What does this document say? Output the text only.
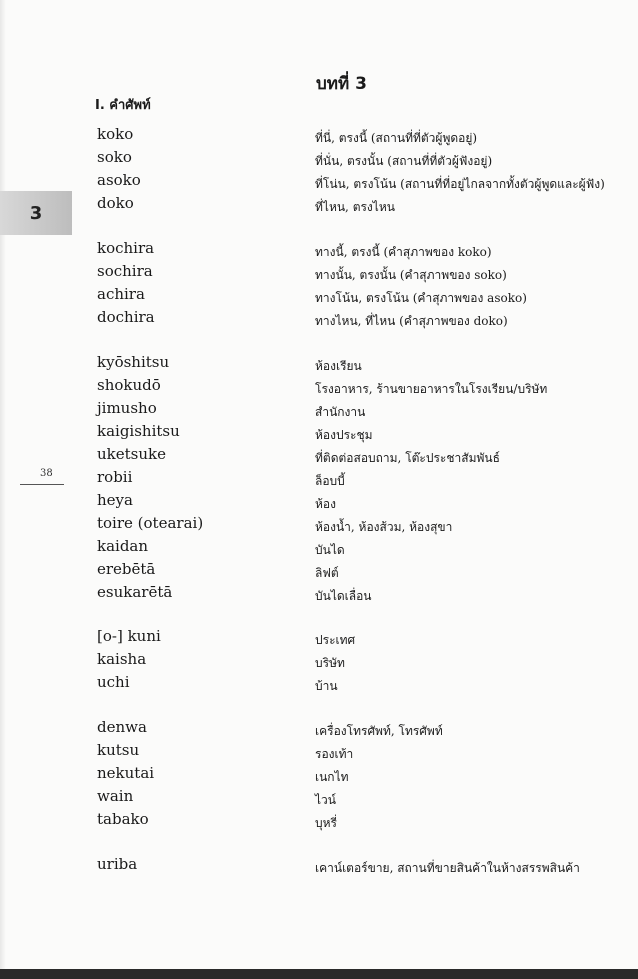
บทที่ 3
I. คำศัพท์
3
38
koko	ที่นี่, ตรงนี้ (สถานที่ที่ตัวผู้พูดอยู่)
soko	ที่นั่น, ตรงนั้น (สถานที่ที่ตัวผู้ฟังอยู่)
asoko	ที่โน่น, ตรงโน้น (สถานที่ที่อยู่ไกลจากทั้งตัวผู้พูดและผู้ฟัง)
doko	ที่ไหน, ตรงไหน
kochira	ทางนี้, ตรงนี้ (คำสุภาพของ koko)
sochira	ทางนั้น, ตรงนั้น (คำสุภาพของ soko)
achira	ทางโน้น, ตรงโน้น (คำสุภาพของ asoko)
dochira	ทางไหน, ที่ไหน (คำสุภาพของ doko)
kyōshitsu	ห้องเรียน
shokudō	โรงอาหาร, ร้านขายอาหารในโรงเรียน/บริษัท
jimusho	สำนักงาน
kaigishitsu	ห้องประชุม
uketsuke	ที่ติดต่อสอบถาม, โต๊ะประชาสัมพันธ์
robii	ล็อบบี้
heya	ห้อง
toire (otearai)	ห้องน้ำ, ห้องส้วม, ห้องสุขา
kaidan	บันได
erebētā	ลิฟต์
esukarētā	บันไดเลื่อน
[o-] kuni	ประเทศ
kaisha	บริษัท
uchi	บ้าน
denwa	เครื่องโทรศัพท์, โทรศัพท์
kutsu	รองเท้า
nekutai	เนกไท
wain	ไวน์
tabako	บุหรี่
uriba	เคาน์เตอร์ขาย, สถานที่ขายสินค้าในห้างสรรพสินค้า
